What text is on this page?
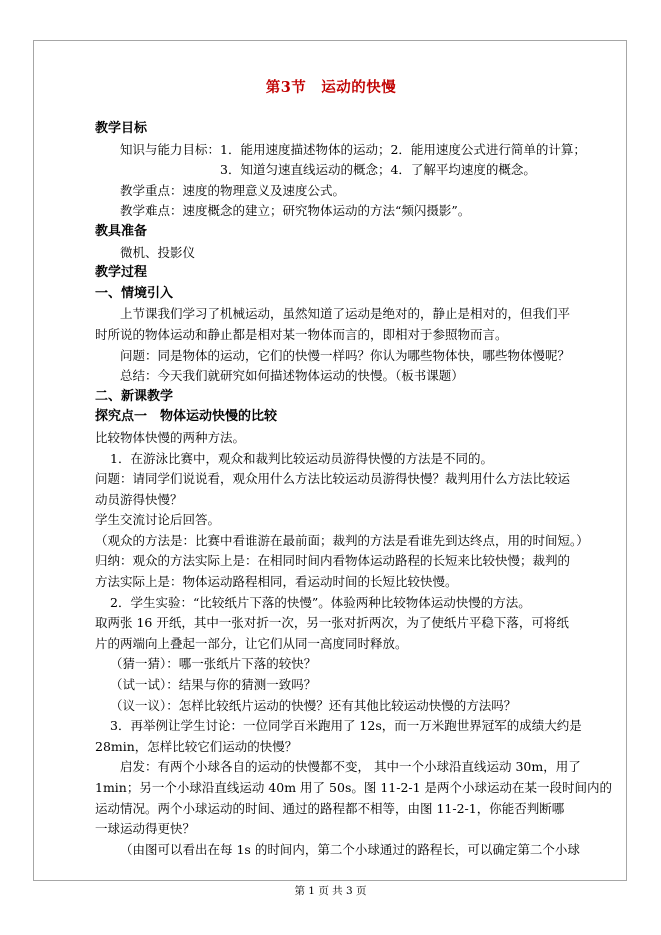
第3节　运动的快慢
教学目标
知识与能力目标：1．能用速度描述物体的运动；2．能用速度公式进行简单的计算；
3．知道匀速直线运动的概念；4．了解平均速度的概念。
教学重点：速度的物理意义及速度公式。
教学难点：速度概念的建立；研究物体运动的方法“频闪摄影”。
教具准备
微机、投影仪
教学过程
一、情境引入
上节课我们学习了机械运动，虽然知道了运动是绝对的，静止是相对的，但我们平
时所说的物体运动和静止都是相对某一物体而言的，即相对于参照物而言。
问题：同是物体的运动，它们的快慢一样吗？你认为哪些物体快，哪些物体慢呢？
总结：今天我们就研究如何描述物体运动的快慢。（板书课题）
二、新课教学
探究点一　物体运动快慢的比较
比较物体快慢的两种方法。
1．在游泳比赛中，观众和裁判比较运动员游得快慢的方法是不同的。
问题：请同学们说说看，观众用什么方法比较运动员游得快慢？裁判用什么方法比较运
动员游得快慢？
学生交流讨论后回答。
（观众的方法是：比赛中看谁游在最前面；裁判的方法是看谁先到达终点，用的时间短。）
归纳：观众的方法实际上是：在相同时间内看物体运动路程的长短来比较快慢；裁判的
方法实际上是：物体运动路程相同，看运动时间的长短比较快慢。
2．学生实验：“比较纸片下落的快慢”。体验两种比较物体运动快慢的方法。
取两张 16 开纸，其中一张对折一次，另一张对折两次，为了使纸片平稳下落，可将纸
片的两端向上叠起一部分，让它们从同一高度同时释放。
（猜一猜）：哪一张纸片下落的较快？
（试一试）：结果与你的猜测一致吗？
（议一议）：怎样比较纸片运动的快慢？还有其他比较运动快慢的方法吗？
3．再举例让学生讨论：一位同学百米跑用了 12s，而一万米跑世界冠军的成绩大约是
28min，怎样比较它们运动的快慢？
启发：有两个小球各自的运动的快慢都不变， 其中一个小球沿直线运动 30m，用了
1min；另一个小球沿直线运动 40m 用了 50s。图 11-2-1 是两个小球运动在某一段时间内的
运动情况。两个小球运动的时间、通过的路程都不相等，由图 11-2-1，你能否判断哪
一球运动得更快？
（由图可以看出在每 1s 的时间内，第二个小球通过的路程长，可以确定第二个小球
第 1 页 共 3 页
